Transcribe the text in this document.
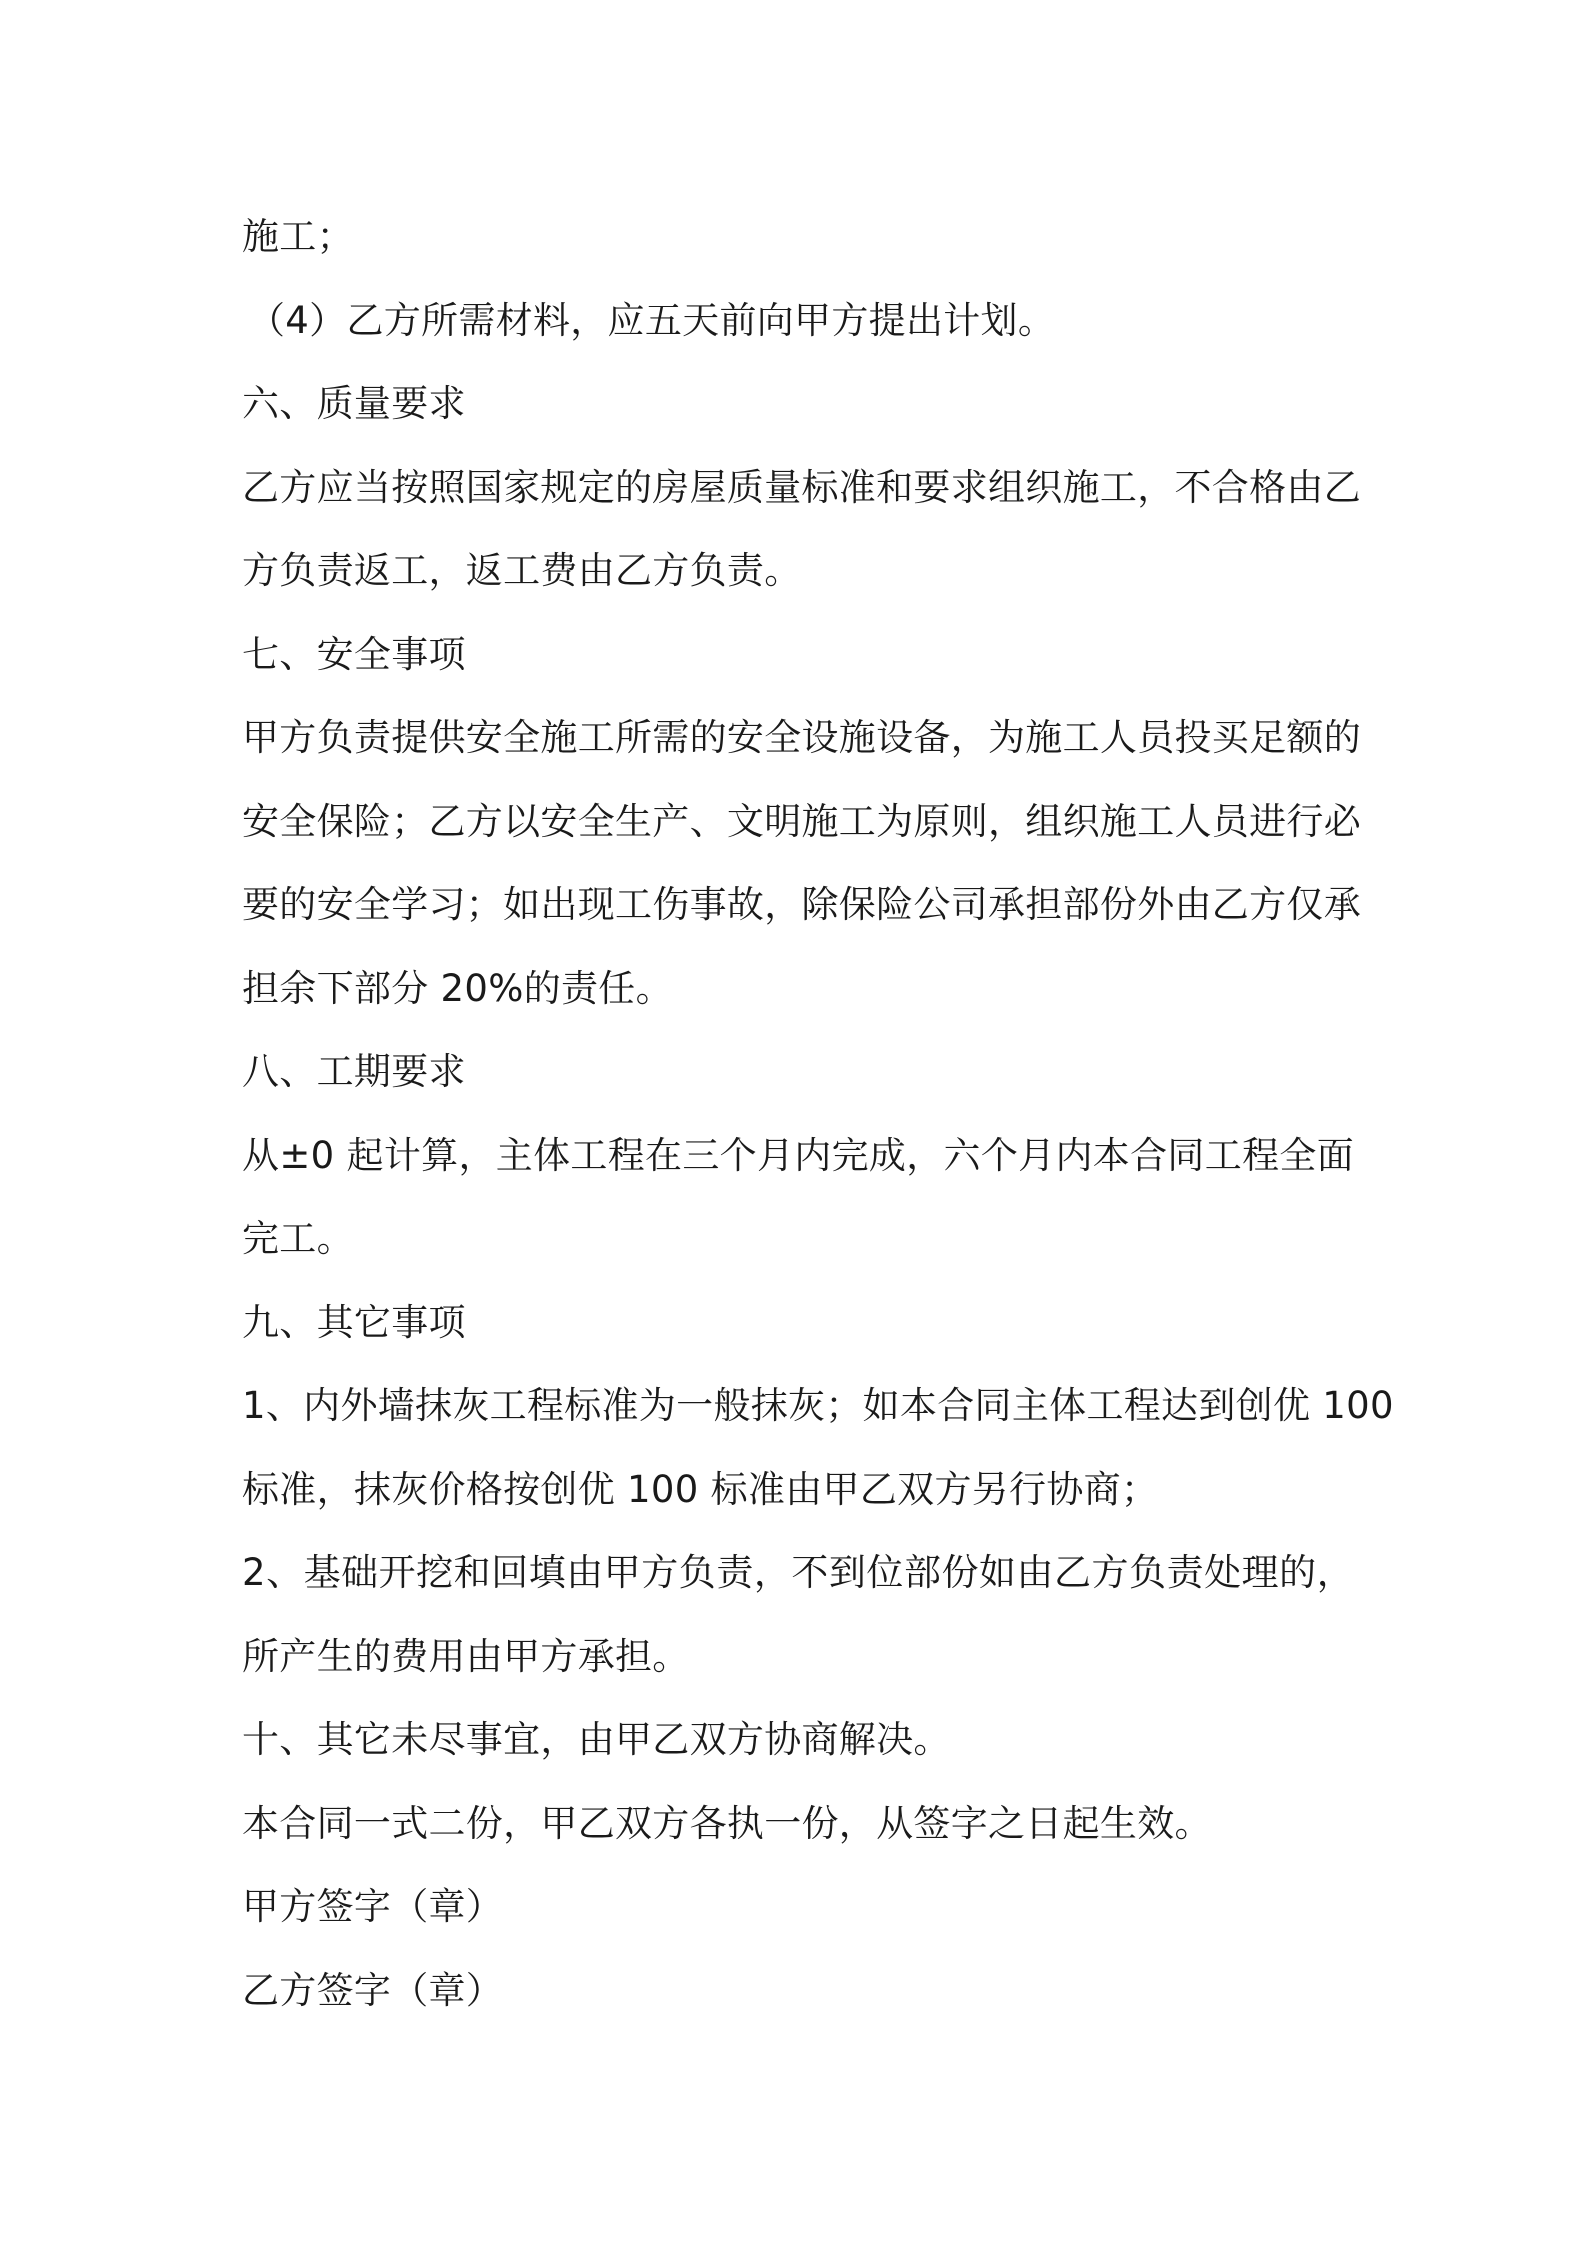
施工；
（4）乙方所需材料，应五天前向甲方提出计划。
六、质量要求
乙方应当按照国家规定的房屋质量标准和要求组织施工，不合格由乙
方负责返工，返工费由乙方负责。
七、安全事项
甲方负责提供安全施工所需的安全设施设备，为施工人员投买足额的
安全保险；乙方以安全生产、文明施工为原则，组织施工人员进行必
要的安全学习；如出现工伤事故，除保险公司承担部份外由乙方仅承
担余下部分 20%的责任。
八、工期要求
从±0 起计算，主体工程在三个月内完成，六个月内本合同工程全面
完工。
九、其它事项
1、内外墙抹灰工程标准为一般抹灰；如本合同主体工程达到创优 100
标准，抹灰价格按创优 100 标准由甲乙双方另行协商；
2、基础开挖和回填由甲方负责，不到位部份如由乙方负责处理的，
所产生的费用由甲方承担。
十、其它未尽事宜，由甲乙双方协商解决。
本合同一式二份，甲乙双方各执一份，从签字之日起生效。
甲方签字（章）
乙方签字（章）
